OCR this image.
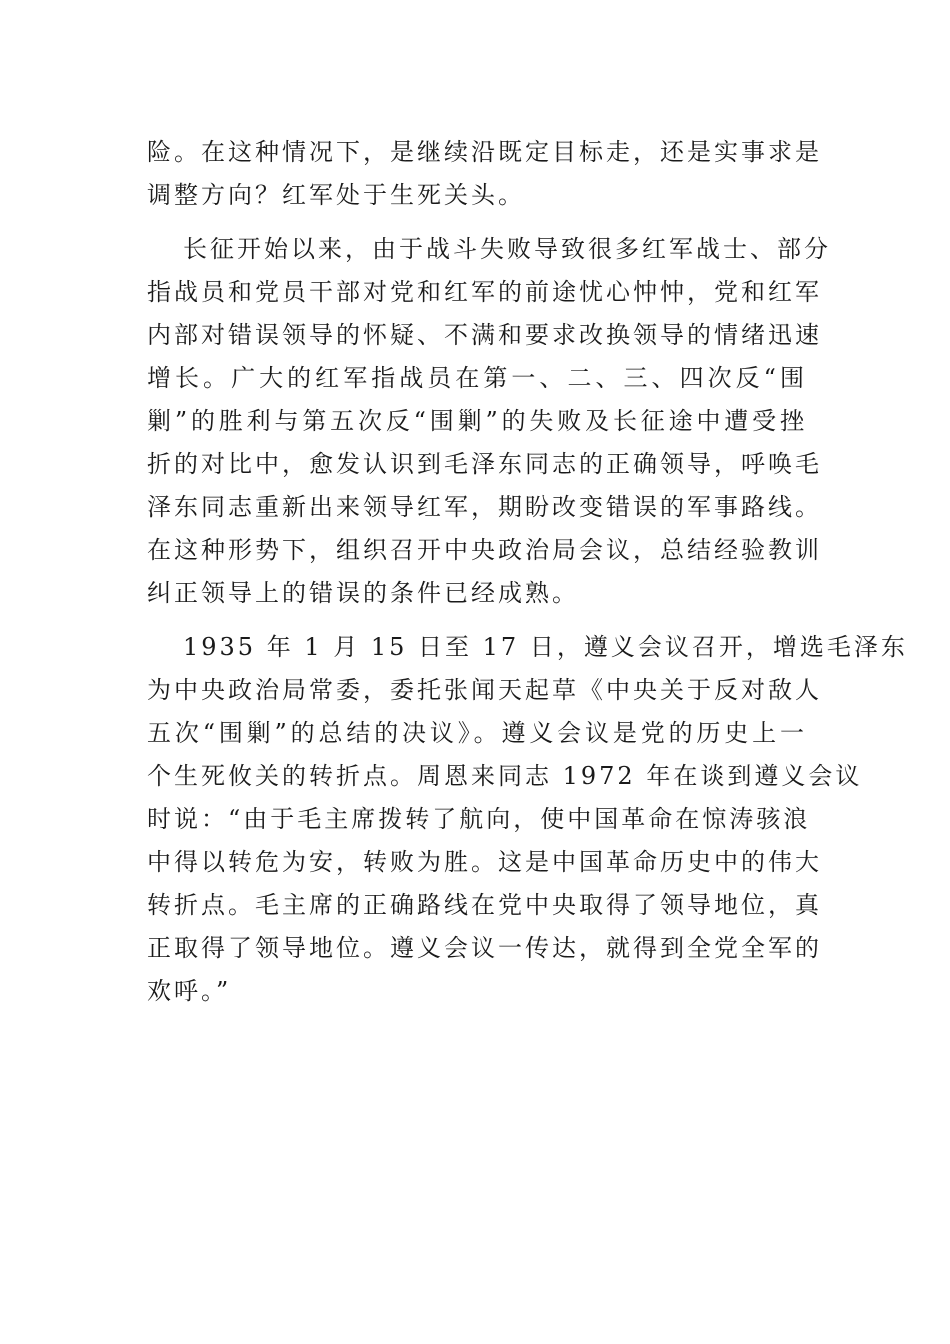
险。在这种情况下，是继续沿既定目标走，还是实事求是
调整方向？红军处于生死关头。
长征开始以来，由于战斗失败导致很多红军战士、部分
指战员和党员干部对党和红军的前途忧心忡忡，党和红军
内部对错误领导的怀疑、不满和要求改换领导的情绪迅速
增长。广大的红军指战员在第一、二、三、四次反“围
剿”的胜利与第五次反“围剿”的失败及长征途中遭受挫
折的对比中，愈发认识到毛泽东同志的正确领导，呼唤毛
泽东同志重新出来领导红军，期盼改变错误的军事路线。
在这种形势下，组织召开中央政治局会议，总结经验教训
纠正领导上的错误的条件已经成熟。
1935 年 1 月 15 日至 17 日，遵义会议召开，增选毛泽东
为中央政治局常委，委托张闻天起草《中央关于反对敌人
五次“围剿”的总结的决议》。遵义会议是党的历史上一
个生死攸关的转折点。周恩来同志 1972 年在谈到遵义会议
时说：“由于毛主席拨转了航向，使中国革命在惊涛骇浪
中得以转危为安，转败为胜。这是中国革命历史中的伟大
转折点。毛主席的正确路线在党中央取得了领导地位，真
正取得了领导地位。遵义会议一传达，就得到全党全军的
欢呼。”
